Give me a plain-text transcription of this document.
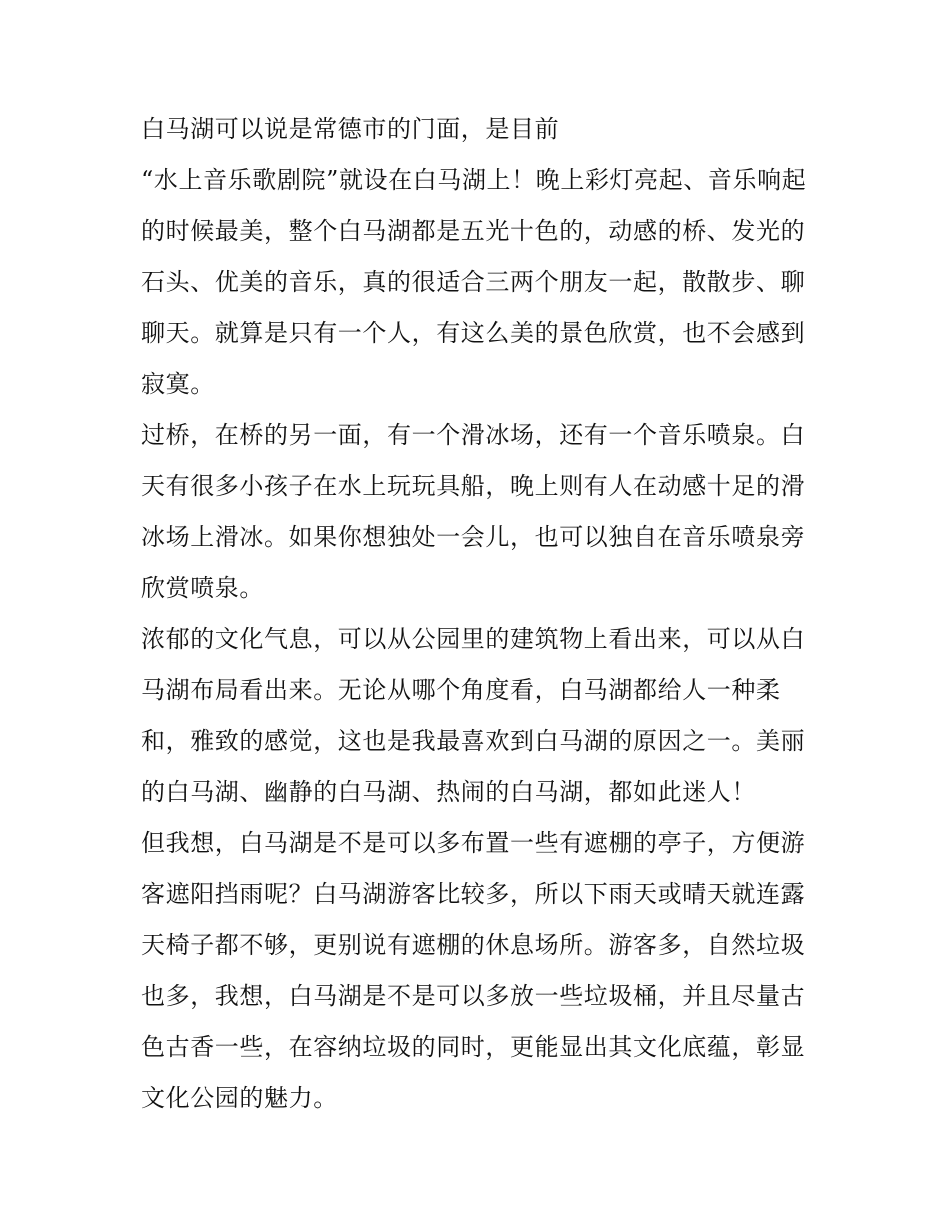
白马湖可以说是常德市的门面，是目前
“水上音乐歌剧院”就设在白马湖上！晚上彩灯亮起、音乐响起
的时候最美，整个白马湖都是五光十色的，动感的桥、发光的
石头、优美的音乐，真的很适合三两个朋友一起，散散步、聊
聊天。就算是只有一个人，有这么美的景色欣赏，也不会感到
寂寞。
过桥，在桥的另一面，有一个滑冰场，还有一个音乐喷泉。白
天有很多小孩子在水上玩玩具船，晚上则有人在动感十足的滑
冰场上滑冰。如果你想独处一会儿，也可以独自在音乐喷泉旁
欣赏喷泉。
浓郁的文化气息，可以从公园里的建筑物上看出来，可以从白
马湖布局看出来。无论从哪个角度看，白马湖都给人一种柔
和，雅致的感觉，这也是我最喜欢到白马湖的原因之一。美丽
的白马湖、幽静的白马湖、热闹的白马湖，都如此迷人！
但我想，白马湖是不是可以多布置一些有遮棚的亭子，方便游
客遮阳挡雨呢？白马湖游客比较多，所以下雨天或晴天就连露
天椅子都不够，更别说有遮棚的休息场所。游客多，自然垃圾
也多，我想，白马湖是不是可以多放一些垃圾桶，并且尽量古
色古香一些，在容纳垃圾的同时，更能显出其文化底蕴，彰显
文化公园的魅力。
